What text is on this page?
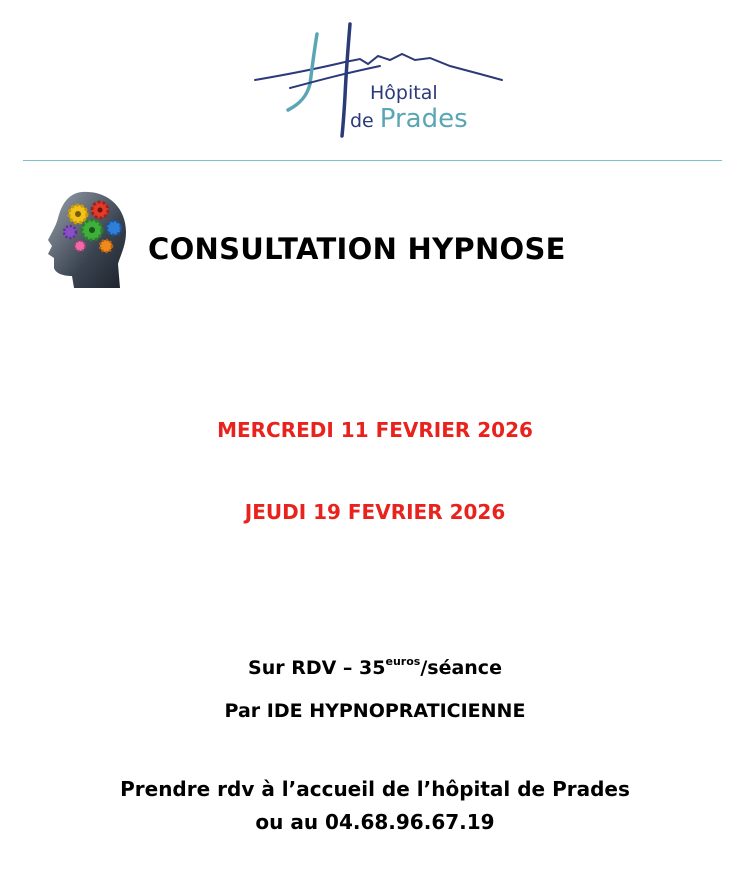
Hôpital
de Prades
CONSULTATION HYPNOSE
MERCREDI 11 FEVRIER 2026
JEUDI 19 FEVRIER 2026
Sur RDV – $35^{euros}$/séance
Par IDE HYPNOPRATICIENNE
Prendre rdv à l’accueil de l’hôpital de Prades
ou au 04.68.96.67.19
